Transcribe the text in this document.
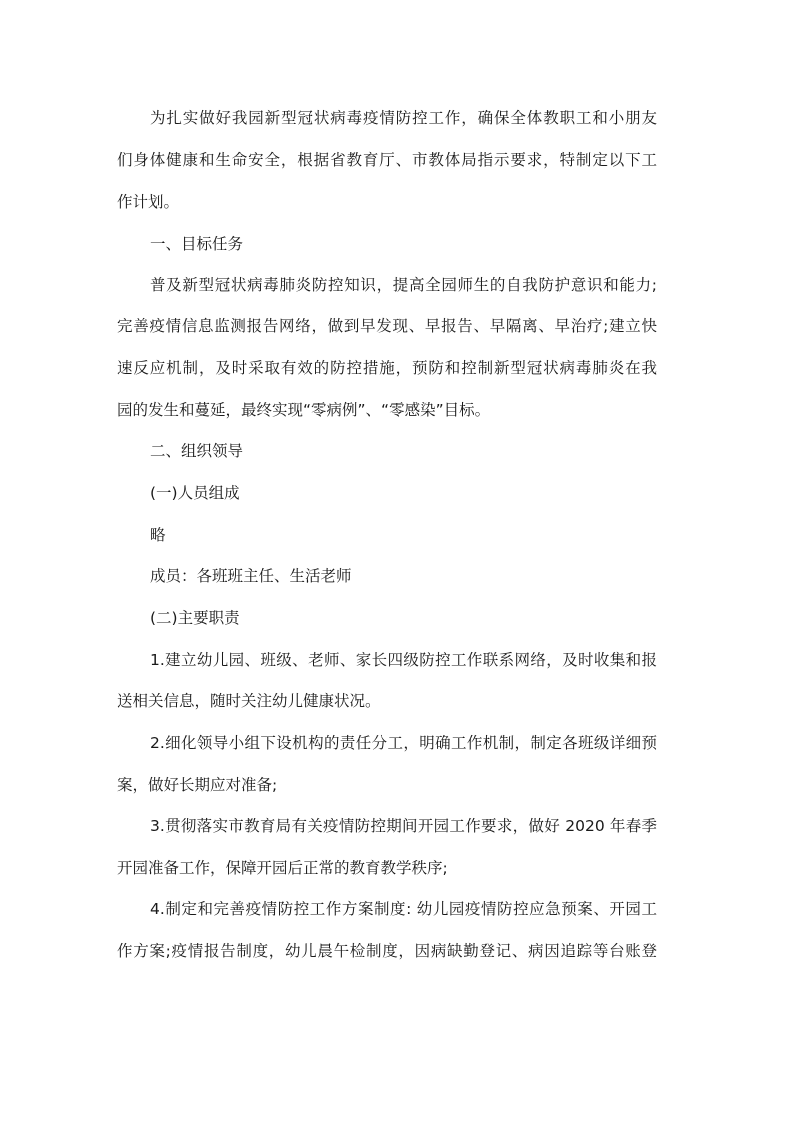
为扎实做好我园新型冠状病毒疫情防控工作，确保全体教职工和小朋友
们身体健康和生命安全，根据省教育厅、市教体局指示要求，特制定以下工
作计划。
一、目标任务
普及新型冠状病毒肺炎防控知识，提高全园师生的自我防护意识和能力;
完善疫情信息监测报告网络，做到早发现、早报告、早隔离、早治疗;建立快
速反应机制，及时采取有效的防控措施，预防和控制新型冠状病毒肺炎在我
园的发生和蔓延，最终实现“零病例”、“零感染”目标。
二、组织领导
(一)人员组成
略
成员：各班班主任、生活老师
(二)主要职责
1.建立幼儿园、班级、老师、家长四级防控工作联系网络，及时收集和报
送相关信息，随时关注幼儿健康状况。
2.细化领导小组下设机构的责任分工，明确工作机制，制定各班级详细预
案，做好长期应对准备;
3.贯彻落实市教育局有关疫情防控期间开园工作要求，做好 2020 年春季
开园准备工作，保障开园后正常的教育教学秩序;
4.制定和完善疫情防控工作方案制度: 幼儿园疫情防控应急预案、开园工
作方案;疫情报告制度，幼儿晨午检制度，因病缺勤登记、病因追踪等台账登
